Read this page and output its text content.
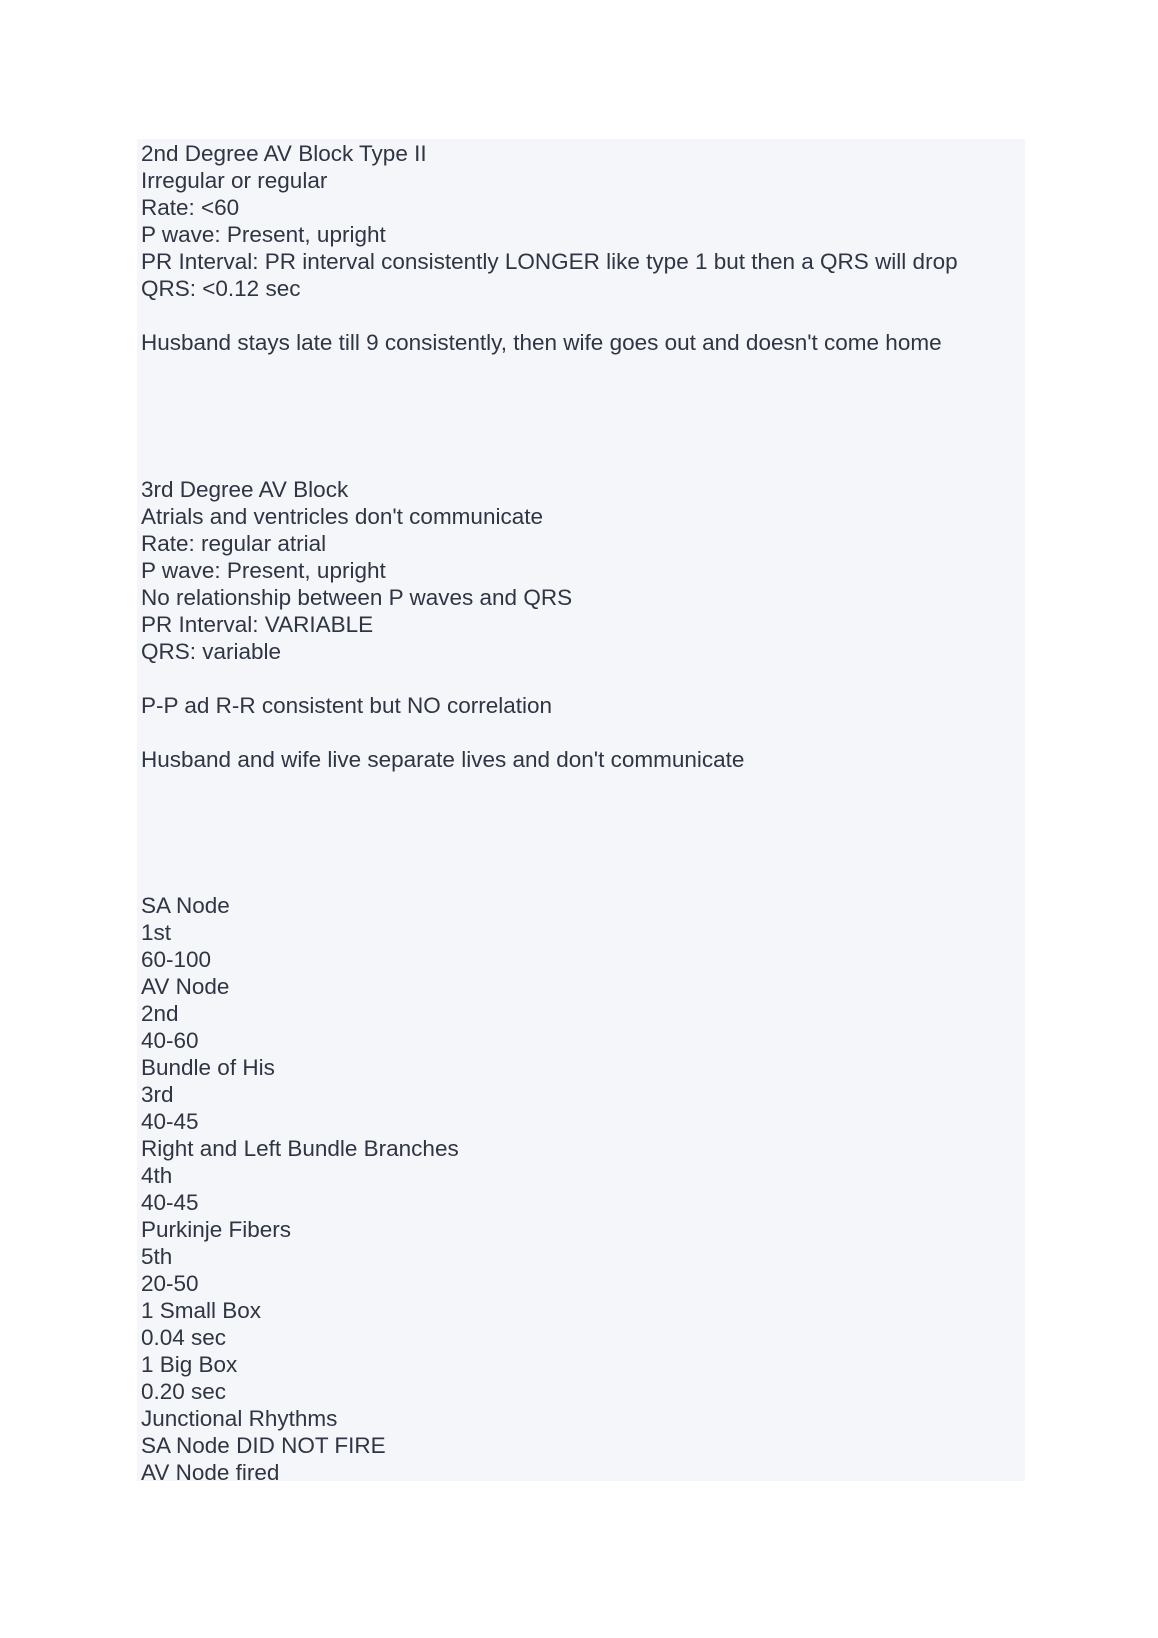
2nd Degree AV Block Type II
Irregular or regular
Rate: <60
P wave: Present, upright
PR Interval: PR interval consistently LONGER like type 1 but then a QRS will drop
QRS: <0.12 sec
Husband stays late till 9 consistently, then wife goes out and doesn't come home
3rd Degree AV Block
Atrials and ventricles don't communicate
Rate: regular atrial
P wave: Present, upright
No relationship between P waves and QRS
PR Interval: VARIABLE
QRS: variable
P-P ad R-R consistent but NO correlation
Husband and wife live separate lives and don't communicate
SA Node
1st
60-100
AV Node
2nd
40-60
Bundle of His
3rd
40-45
Right and Left Bundle Branches
4th
40-45
Purkinje Fibers
5th
20-50
1 Small Box
0.04 sec
1 Big Box
0.20 sec
Junctional Rhythms
SA Node DID NOT FIRE
AV Node fired
